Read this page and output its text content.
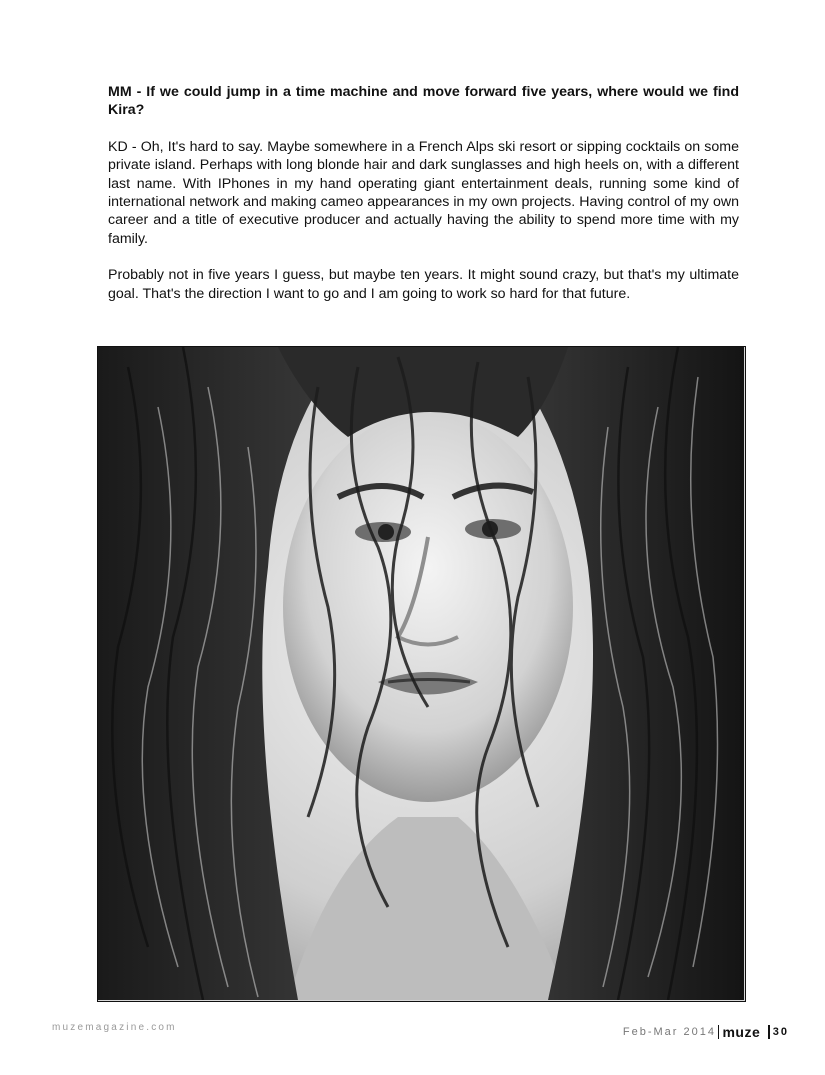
MM - If we could jump in a time machine and move forward five years, where would we find Kira?

KD - Oh, It's hard to say. Maybe somewhere in a French Alps ski resort or sipping cocktails on some private island. Perhaps with long blonde hair and dark sunglasses and high heels on, with a different last name. With IPhones in my hand operating giant entertainment deals, running some kind of international network and making cameo appearances in my own projects. Having control of my own career and a title of executive producer and actually having the ability to spend more time with my family.

Probably not in five years I guess, but maybe ten years. It might sound crazy, but that's my ultimate goal. That's the direction I want to go and I am going to work so hard for that future.

muzemagazine.com	Feb-Mar 2014 muze 30
